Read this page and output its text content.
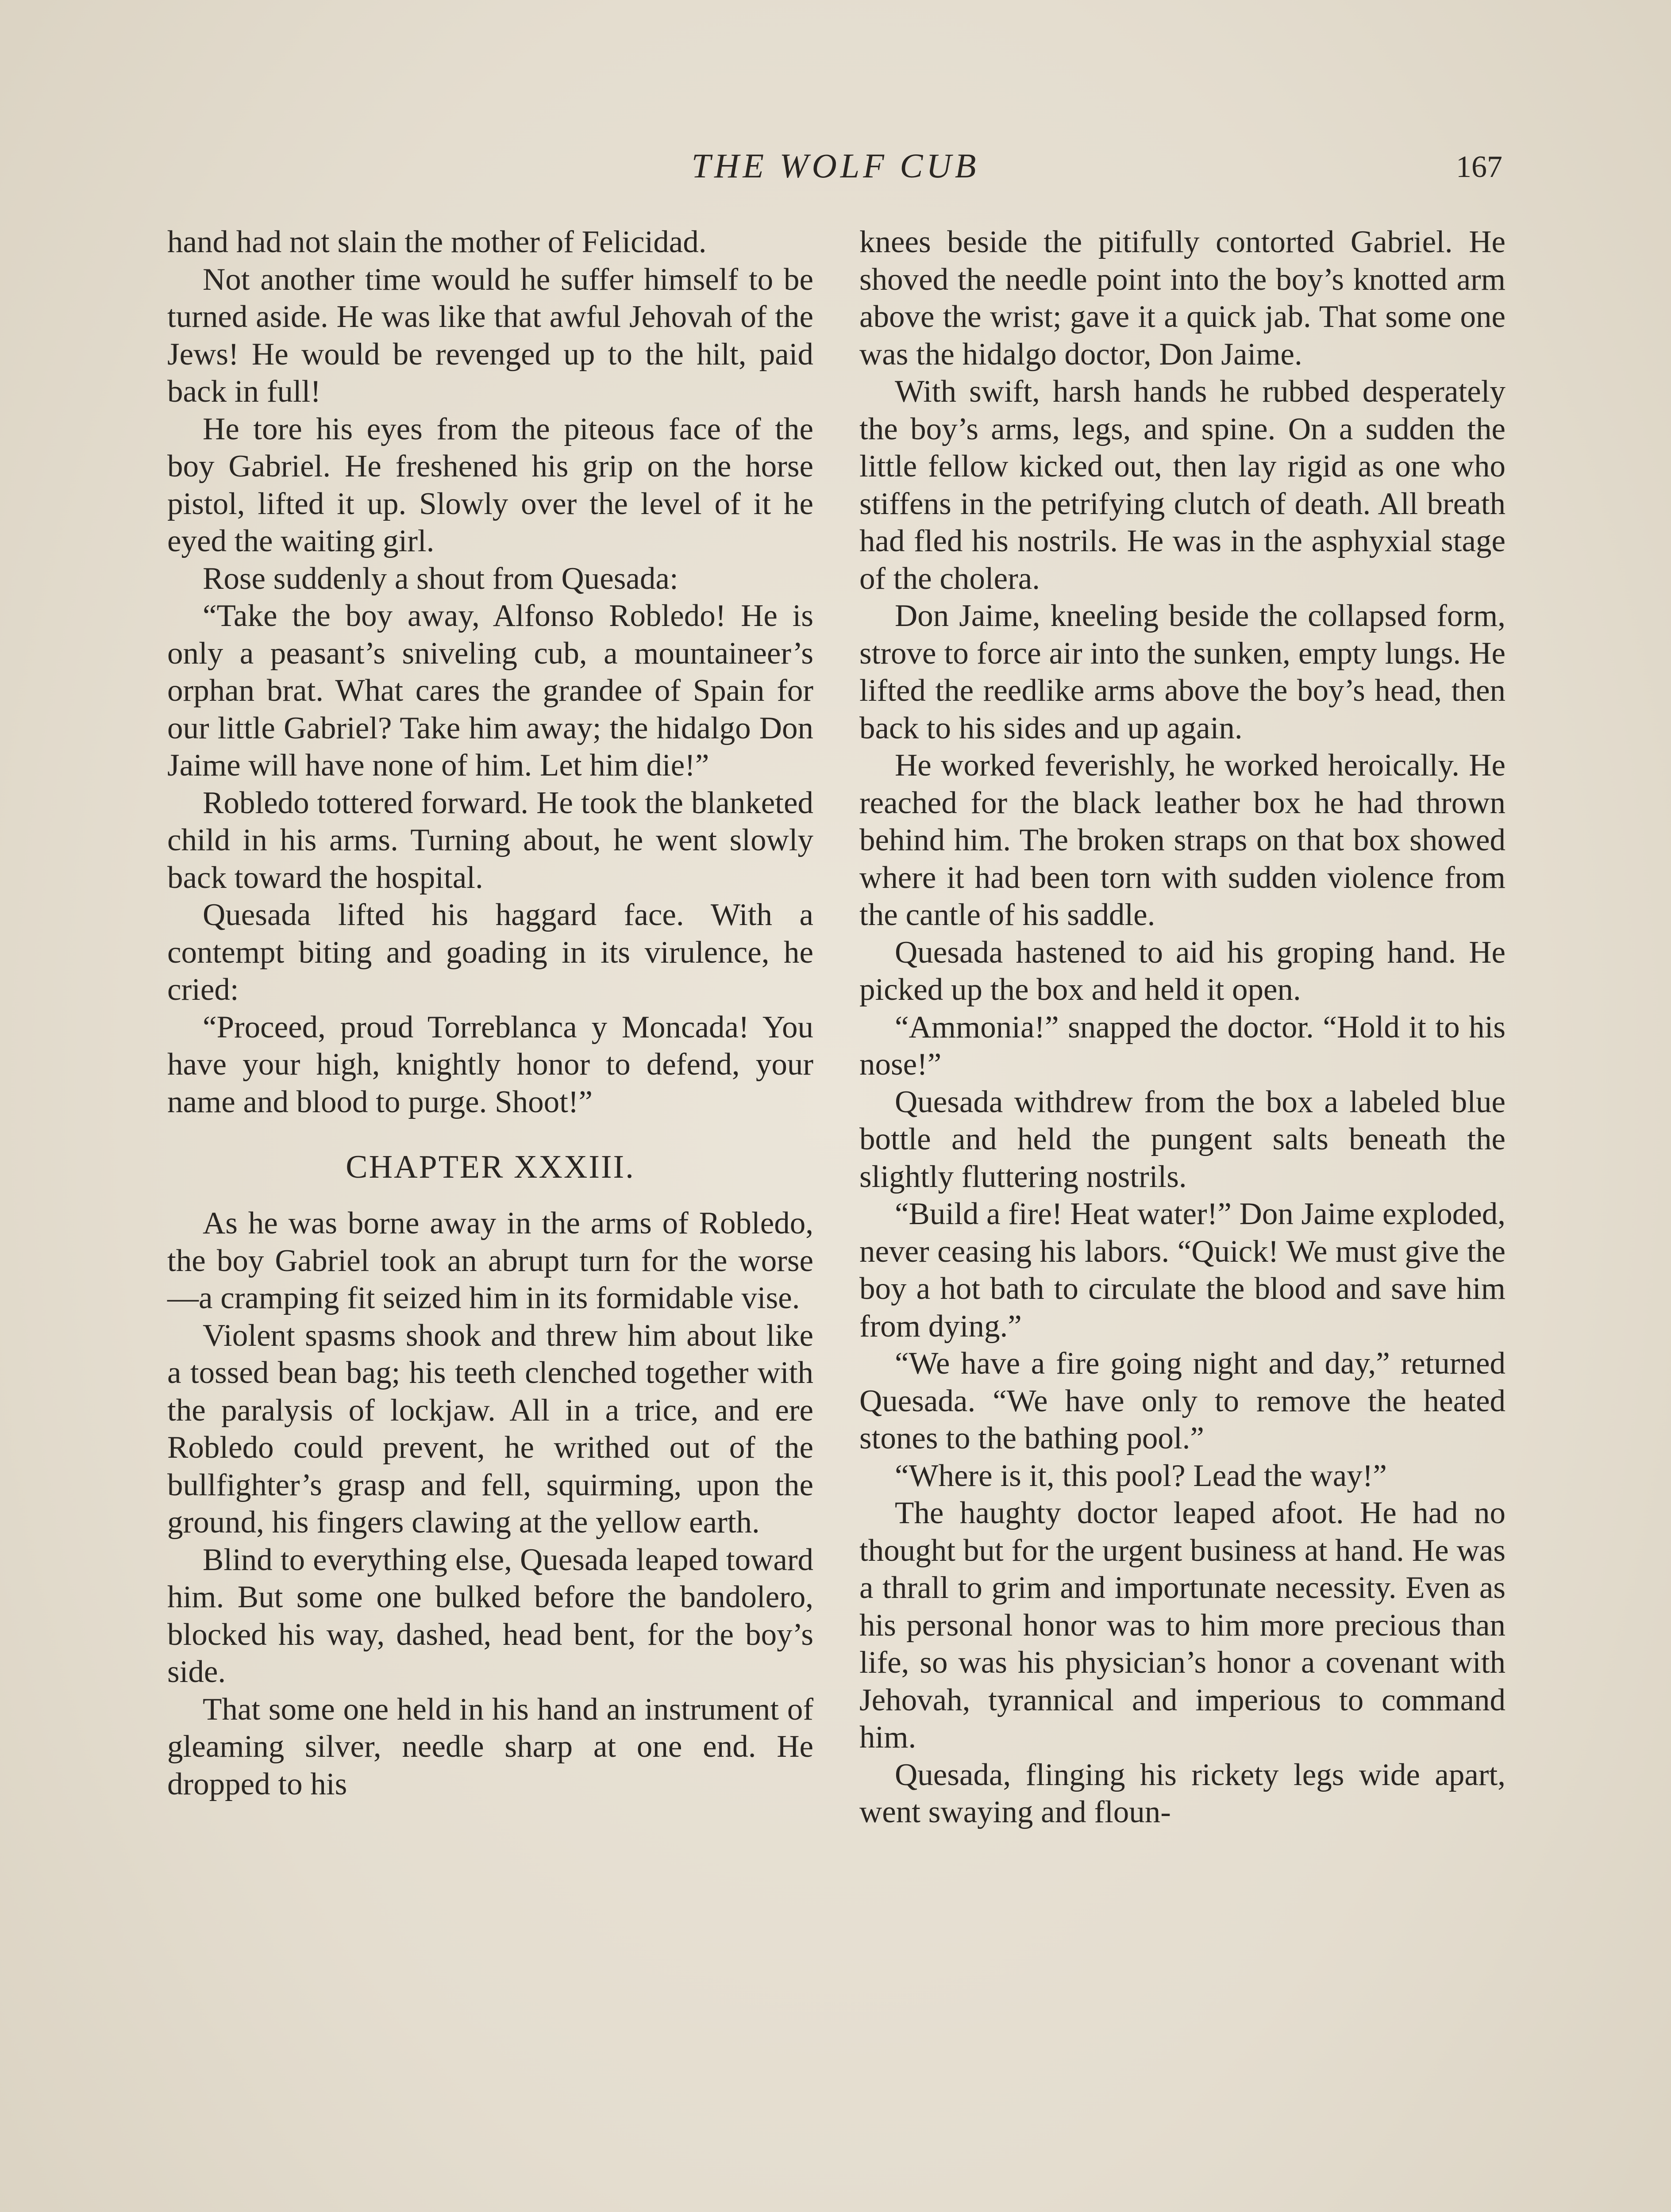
THE WOLF CUB	167

hand had not slain the mother of Felicidad.

Not another time would he suffer himself to be turned aside. He was like that awful Jehovah of the Jews! He would be revenged up to the hilt, paid back in full!

He tore his eyes from the piteous face of the boy Gabriel. He freshened his grip on the horse pistol, lifted it up. Slowly over the level of it he eyed the waiting girl.

Rose suddenly a shout from Quesada:

“Take the boy away, Alfonso Robledo! He is only a peasant’s sniveling cub, a mountaineer’s orphan brat. What cares the grandee of Spain for our little Gabriel? Take him away; the hidalgo Don Jaime will have none of him. Let him die!”

Robledo tottered forward. He took the blanketed child in his arms. Turning about, he went slowly back toward the hospital.

Quesada lifted his haggard face. With a contempt biting and goading in its virulence, he cried:

“Proceed, proud Torreblanca y Moncada! You have your high, knightly honor to defend, your name and blood to purge. Shoot!”

CHAPTER XXXIII.

As he was borne away in the arms of Robledo, the boy Gabriel took an abrupt turn for the worse—a cramping fit seized him in its formidable vise.

Violent spasms shook and threw him about like a tossed bean bag; his teeth clenched together with the paralysis of lockjaw. All in a trice, and ere Robledo could prevent, he writhed out of the bullfighter’s grasp and fell, squirming, upon the ground, his fingers clawing at the yellow earth.

Blind to everything else, Quesada leaped toward him. But some one bulked before the bandolero, blocked his way, dashed, head bent, for the boy’s side.

That some one held in his hand an instrument of gleaming silver, needle sharp at one end. He dropped to his

knees beside the pitifully contorted Gabriel. He shoved the needle point into the boy’s knotted arm above the wrist; gave it a quick jab. That some one was the hidalgo doctor, Don Jaime.

With swift, harsh hands he rubbed desperately the boy’s arms, legs, and spine. On a sudden the little fellow kicked out, then lay rigid as one who stiffens in the petrifying clutch of death. All breath had fled his nostrils. He was in the asphyxial stage of the cholera.

Don Jaime, kneeling beside the collapsed form, strove to force air into the sunken, empty lungs. He lifted the reedlike arms above the boy’s head, then back to his sides and up again.

He worked feverishly, he worked heroically. He reached for the black leather box he had thrown behind him. The broken straps on that box showed where it had been torn with sudden violence from the cantle of his saddle.

Quesada hastened to aid his groping hand. He picked up the box and held it open.

“Ammonia!” snapped the doctor. “Hold it to his nose!”

Quesada withdrew from the box a labeled blue bottle and held the pungent salts beneath the slightly fluttering nostrils.

“Build a fire! Heat water!” Don Jaime exploded, never ceasing his labors. “Quick! We must give the boy a hot bath to circulate the blood and save him from dying.”

“We have a fire going night and day,” returned Quesada. “We have only to remove the heated stones to the bathing pool.”

“Where is it, this pool? Lead the way!”

The haughty doctor leaped afoot. He had no thought but for the urgent business at hand. He was a thrall to grim and importunate necessity. Even as his personal honor was to him more precious than life, so was his physician’s honor a covenant with Jehovah, tyrannical and imperious to command him.

Quesada, flinging his rickety legs wide apart, went swaying and floun-
